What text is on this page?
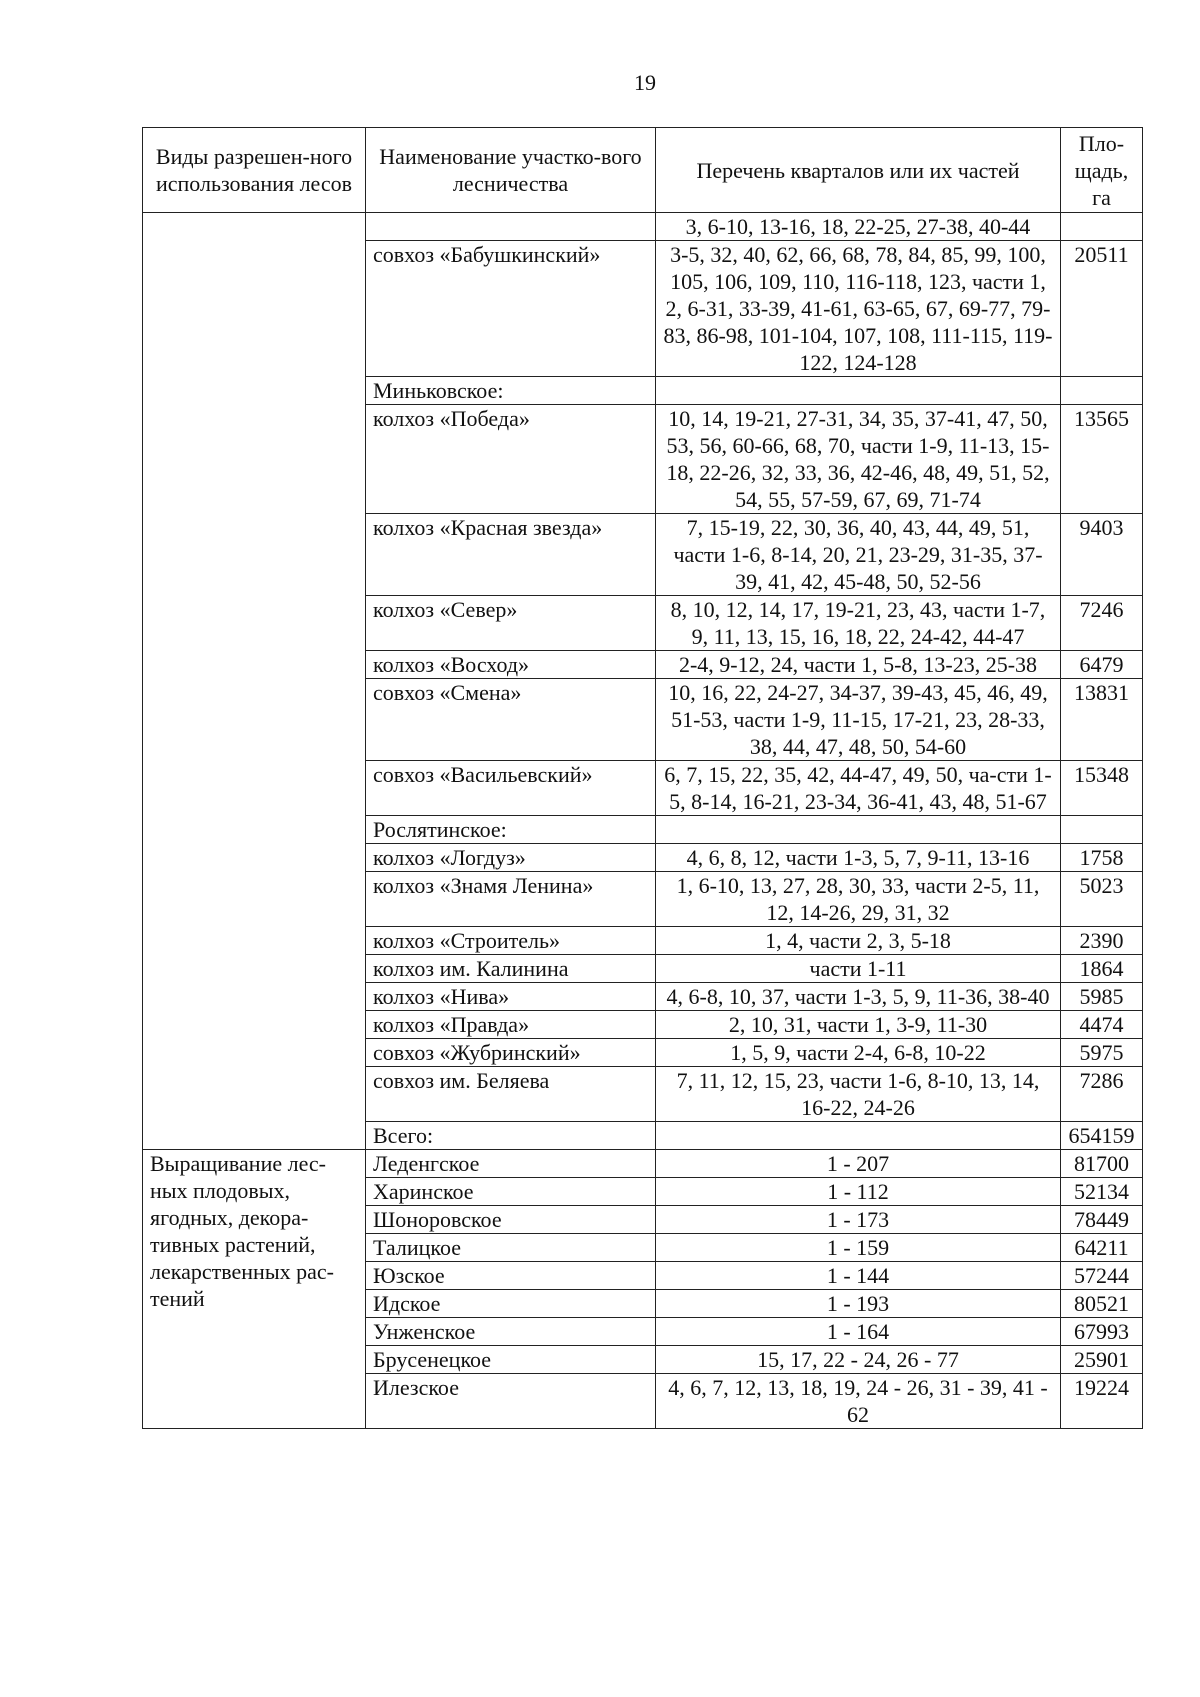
19
Виды разрешен-ного использования лесов	Наименование участко-вого лесничества	Перечень кварталов или их частей	Пло-щадь, га
		3, 6-10, 13-16, 18, 22-25, 27-38, 40-44	
	совхоз «Бабушкинский»	3-5, 32, 40, 62, 66, 68, 78, 84, 85, 99, 100, 105, 106, 109, 110, 116-118, 123, части 1, 2, 6-31, 33-39, 41-61, 63-65, 67, 69-77, 79-83, 86-98, 101-104, 107, 108, 111-115, 119-122, 124-128	20511
	Миньковское:		
	колхоз «Победа»	10, 14, 19-21, 27-31, 34, 35, 37-41, 47, 50, 53, 56, 60-66, 68, 70, части 1-9, 11-13, 15-18, 22-26, 32, 33, 36, 42-46, 48, 49, 51, 52, 54, 55, 57-59, 67, 69, 71-74	13565
	колхоз «Красная звезда»	7, 15-19, 22, 30, 36, 40, 43, 44, 49, 51, части 1-6, 8-14, 20, 21, 23-29, 31-35, 37-39, 41, 42, 45-48, 50, 52-56	9403
	колхоз «Север»	8, 10, 12, 14, 17, 19-21, 23, 43, части 1-7, 9, 11, 13, 15, 16, 18, 22, 24-42, 44-47	7246
	колхоз «Восход»	2-4, 9-12, 24, части 1, 5-8, 13-23, 25-38	6479
	совхоз «Смена»	10, 16, 22, 24-27, 34-37, 39-43, 45, 46, 49, 51-53, части 1-9, 11-15, 17-21, 23, 28-33, 38, 44, 47, 48, 50, 54-60	13831
	совхоз «Васильевский»	6, 7, 15, 22, 35, 42, 44-47, 49, 50, ча-сти 1-5, 8-14, 16-21, 23-34, 36-41, 43, 48, 51-67	15348
	Рослятинское:		
	колхоз «Логдуз»	4, 6, 8, 12, части 1-3, 5, 7, 9-11, 13-16	1758
	колхоз «Знамя Ленина»	1, 6-10, 13, 27, 28, 30, 33, части 2-5, 11, 12, 14-26, 29, 31, 32	5023
	колхоз «Строитель»	1, 4, части 2, 3, 5-18	2390
	колхоз им. Калинина	части 1-11	1864
	колхоз «Нива»	4, 6-8, 10, 37, части 1-3, 5, 9, 11-36, 38-40	5985
	колхоз «Правда»	2, 10, 31, части 1, 3-9, 11-30	4474
	совхоз «Жубринский»	1, 5, 9, части 2-4, 6-8, 10-22	5975
	совхоз им. Беляева	7, 11, 12, 15, 23, части 1-6, 8-10, 13, 14, 16-22, 24-26	7286
	Всего:		654159
Выращивание лес-ных плодовых, ягодных, декора-тивных растений, лекарственных рас-тений	Леденгское	1 - 207	81700
	Харинское	1 - 112	52134
	Шоноровское	1 - 173	78449
	Талицкое	1 - 159	64211
	Юзское	1 - 144	57244
	Идское	1 - 193	80521
	Унженское	1 - 164	67993
	Брусенецкое	15, 17, 22 - 24, 26 - 77	25901
	Илезское	4, 6, 7, 12, 13, 18, 19, 24 - 26, 31 - 39, 41 - 62	19224
